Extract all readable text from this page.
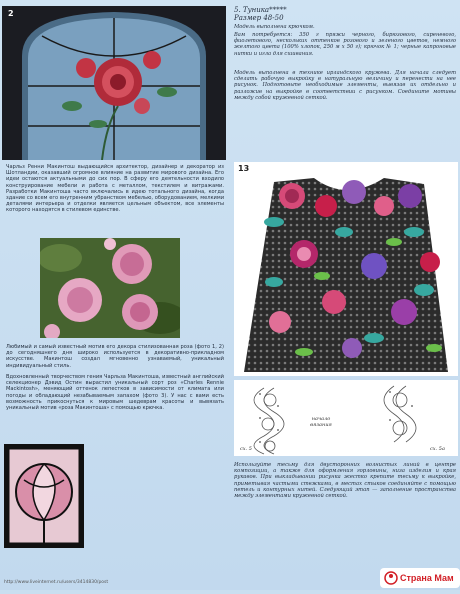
2
Чарльз Ренни Макинтош выдающийся архитектор, дизайнер и декоратор из Шотландии, оказавший огромное влияние на развитие мирового дизайна. Его идеи остаются актуальными до сих пор. В сферу его деятельности входило конструирование мебели и работа с металлом, текстилем и витражами. Разработки Макинтоша часто включались в идею тотального дизайна, когда здание со всем его внутренним убранством мебелью, оборудованием, мелкими деталями интерьера и отделки является цельным объектом, все элементы которого находятся в стилевом единстве.
Любимый и самый известный мотив его декора стилизованная роза (фото 1, 2) до сегодняшнего дня широко используется в декоративно-прикладном искусстве. Макинтош создал мгновенно узнаваемый, уникальный индивидуальный стиль.
Вдохновленный творчеством гения Чарльза Макинтоша, известный английский селекционер Дэвид Остин вырастил уникальный сорт роз «Charles Rennie Mackintosh», меняющий оттенок лепестков в зависимости от климата или погоды и обладающий незабываемым запахом (фото 3). У нас с вами есть возможность прикоснуться к мировым шедеврам красоты и вывязать уникальный мотив «роза Макинтоша» с помощью крючка.
5. Туника*****
Размер 48-50
Модель выполнена крючком.
Вам потребуется: 350 г пряжи черного, бирюзового, сиреневого, фиолетового, нескольких оттенков розового и зеленого цветов, немного желтого цвета (100% хлопок, 250 м х 50 г); крючок № 1; черные капроновые нитки и игла для сшивания.
Модель выполнена в технике ирландского кружева. Для начала следует сделать рабочую выкройку в натуральную величину и перенести на нее рисунок. Подготовьте необходимые элементы, вывязав их отдельно и разложив на выкройке в соответствии с рисунком. Соедините мотивы между собой кружевной сеткой.
13
начало вязания
сх. 5	сх. 5а
Используйте тесьму для двусторонних волнистых линий в центре композиции, а также для оформления горловины, низа изделия и края рукавов. При выкладывании рисунка жестко крепите тесьму к выкройке, приметывая частыми стежками, в местах стыков соединяйте с помощью петель и контурных нитей. Следующий этап — заполнение пространства между элементами кружевной сеткой.
http://www.liveinternet.ru/users/3414830/post	Страна Мам
